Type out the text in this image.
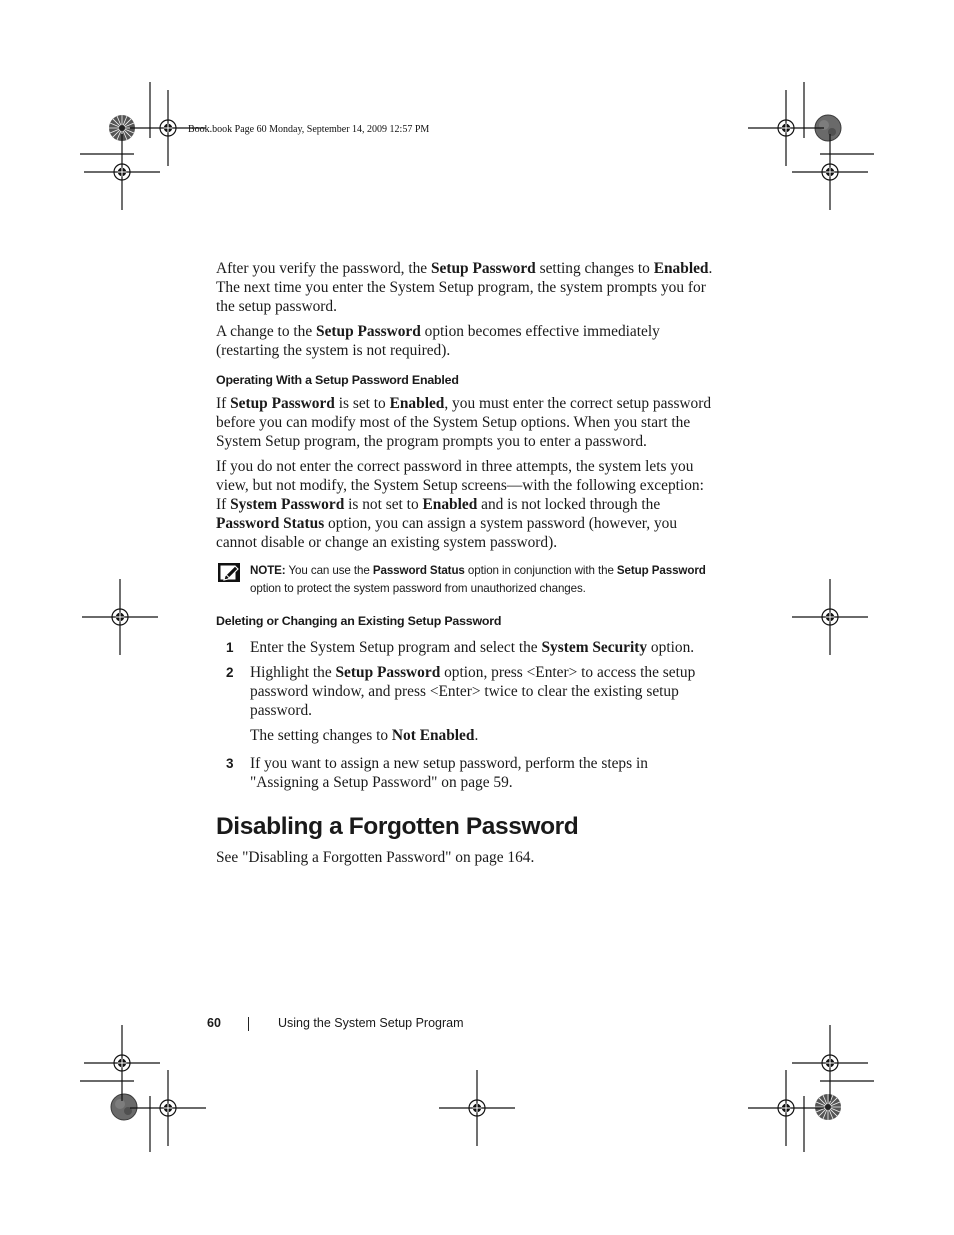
Book.book Page 60 Monday, September 14, 2009 12:57 PM

After you verify the password, the Setup Password setting changes to Enabled. The next time you enter the System Setup program, the system prompts you for the setup password.

A change to the Setup Password option becomes effective immediately (restarting the system is not required).

Operating With a Setup Password Enabled

If Setup Password is set to Enabled, you must enter the correct setup password before you can modify most of the System Setup options. When you start the System Setup program, the program prompts you to enter a password.

If you do not enter the correct password in three attempts, the system lets you view, but not modify, the System Setup screens—with the following exception: If System Password is not set to Enabled and is not locked through the Password Status option, you can assign a system password (however, you cannot disable or change an existing system password).

NOTE: You can use the Password Status option in conjunction with the Setup Password option to protect the system password from unauthorized changes.
Deleting or Changing an Existing Setup Password
1 Enter the System Setup program and select the System Security option.
2 Highlight the Setup Password option, press <Enter> to access the setup password window, and press <Enter> twice to clear the existing setup password.
The setting changes to Not Enabled.
3 If you want to assign a new setup password, perform the steps in "Assigning a Setup Password" on page 59.
Disabling a Forgotten Password

See "Disabling a Forgotten Password" on page 164.

60	Using the System Setup Program
